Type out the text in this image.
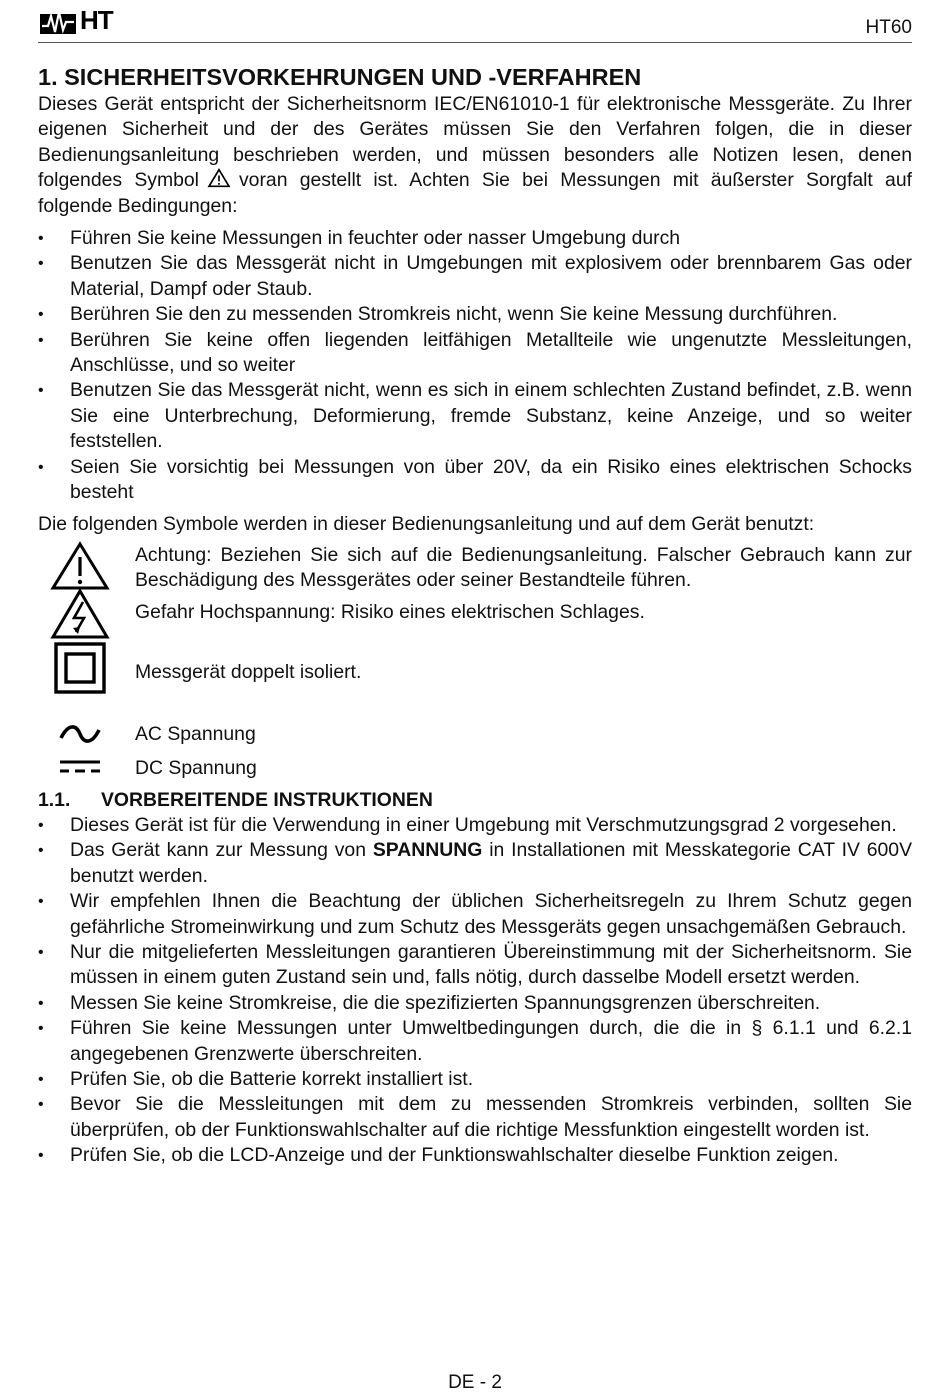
HT	HT60
1. SICHERHEITSVORKEHRUNGEN UND -VERFAHREN

Dieses Gerät entspricht der Sicherheitsnorm IEC/EN61010-1 für elektronische Messgeräte. Zu Ihrer eigenen Sicherheit und der des Gerätes müssen Sie den Verfahren folgen, die in dieser Bedienungsanleitung beschrieben werden, und müssen besonders alle Notizen lesen, denen folgendes Symbol voran gestellt ist. Achten Sie bei Messungen mit äußerster Sorgfalt auf folgende Bedingungen:

• Führen Sie keine Messungen in feuchter oder nasser Umgebung durch
• Benutzen Sie das Messgerät nicht in Umgebungen mit explosivem oder brennbarem Gas oder Material, Dampf oder Staub.
• Berühren Sie den zu messenden Stromkreis nicht, wenn Sie keine Messung durchführen.
• Berühren Sie keine offen liegenden leitfähigen Metallteile wie ungenutzte Messleitungen, Anschlüsse, und so weiter
• Benutzen Sie das Messgerät nicht, wenn es sich in einem schlechten Zustand befindet, z.B. wenn Sie eine Unterbrechung, Deformierung, fremde Substanz, keine Anzeige, und so weiter feststellen.
• Seien Sie vorsichtig bei Messungen von über 20V, da ein Risiko eines elektrischen Schocks besteht

Die folgenden Symbole werden in dieser Bedienungsanleitung und auf dem Gerät benutzt:

Achtung: Beziehen Sie sich auf die Bedienungsanleitung. Falscher Gebrauch kann zur Beschädigung des Messgerätes oder seiner Bestandteile führen.
Gefahr Hochspannung: Risiko eines elektrischen Schlages.
Messgerät doppelt isoliert.
AC Spannung
DC Spannung
1.1. VORBEREITENDE INSTRUKTIONEN
• Dieses Gerät ist für die Verwendung in einer Umgebung mit Verschmutzungsgrad 2 vorgesehen.
• Das Gerät kann zur Messung von SPANNUNG in Installationen mit Messkategorie CAT IV 600V benutzt werden.
• Wir empfehlen Ihnen die Beachtung der üblichen Sicherheitsregeln zu Ihrem Schutz gegen gefährliche Stromeinwirkung und zum Schutz des Messgeräts gegen unsachgemäßen Gebrauch.
• Nur die mitgelieferten Messleitungen garantieren Übereinstimmung mit der Sicherheitsnorm. Sie müssen in einem guten Zustand sein und, falls nötig, durch dasselbe Modell ersetzt werden.
• Messen Sie keine Stromkreise, die die spezifizierten Spannungsgrenzen überschreiten.
• Führen Sie keine Messungen unter Umweltbedingungen durch, die die in § 6.1.1 und 6.2.1 angegebenen Grenzwerte überschreiten.
• Prüfen Sie, ob die Batterie korrekt installiert ist.
• Bevor Sie die Messleitungen mit dem zu messenden Stromkreis verbinden, sollten Sie überprüfen, ob der Funktionswahlschalter auf die richtige Messfunktion eingestellt worden ist.
• Prüfen Sie, ob die LCD-Anzeige und der Funktionswahlschalter dieselbe Funktion zeigen.
DE - 2
